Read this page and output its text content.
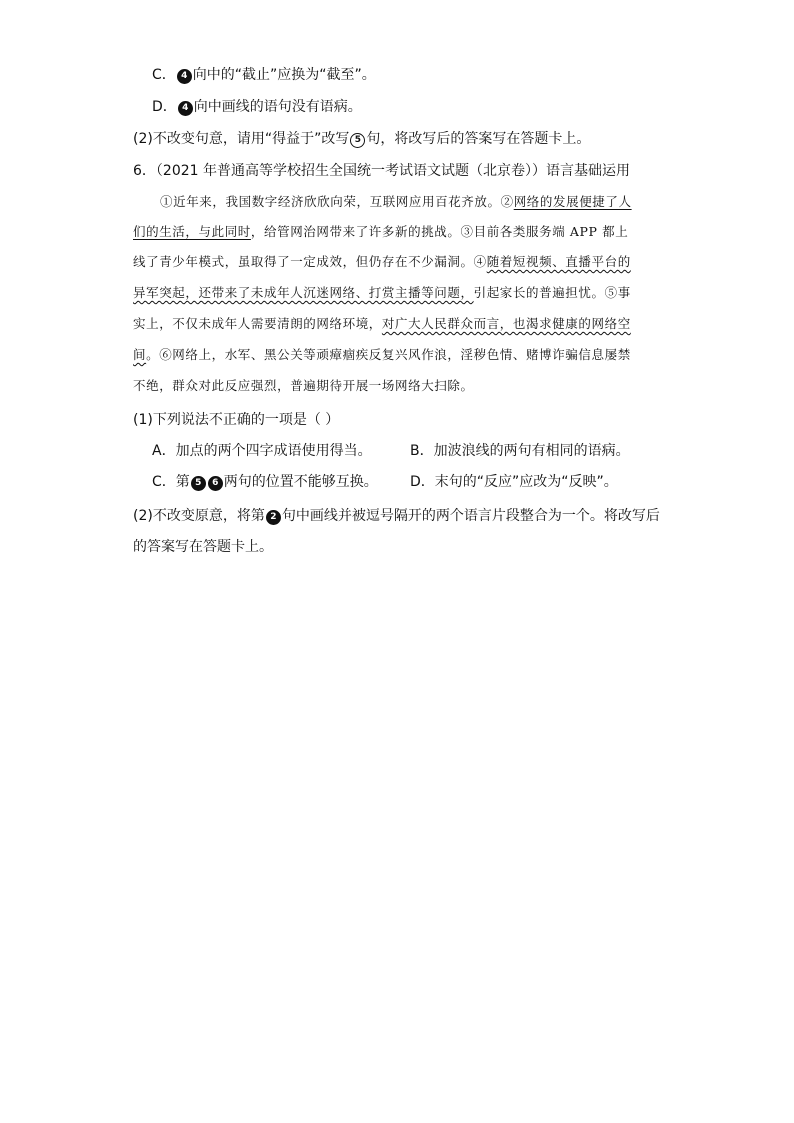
C． 4 向中的“截止”应换为“截至”。
D． 4 向中画线的语句没有语病。
(2)不改变句意，请用“得益于”改写 5 句，将改写后的答案写在答题卡上。
6．（2021 年普通高等学校招生全国统一考试语文试题（北京卷））语言基础运用
①近年来，我国数字经济欣欣向荣，互联网应用百花齐放。②网络的发展便捷了人
们的生活，与此同时，给管网治网带来了许多新的挑战。③目前各类服务端 APP 都上
线了青少年模式，虽取得了一定成效，但仍存在不少漏洞。④随着短视频、直播平台的
异军突起，还带来了未成年人沉迷网络、打赏主播等问题，引起家长的普遍担忧。⑤事
实上，不仅未成年人需要清朗的网络环境，对广大人民群众而言，也渴求健康的网络空
间。⑥网络上，水军、黑公关等顽瘴痼疾反复兴风作浪，淫秽色情、赌博诈骗信息屡禁
不绝，群众对此反应强烈，普遍期待开展一场网络大扫除。
(1)下列说法不正确的一项是（ ）
A．加点的两个四字成语使用得当。	B．加波浪线的两句有相同的语病。
C．第 5 6 两句的位置不能够互换。 D．末句的“反应”应改为“反映”。
(2)不改变原意，将第 2 句中画线并被逗号隔开的两个语言片段整合为一个。将改写后
的答案写在答题卡上。
